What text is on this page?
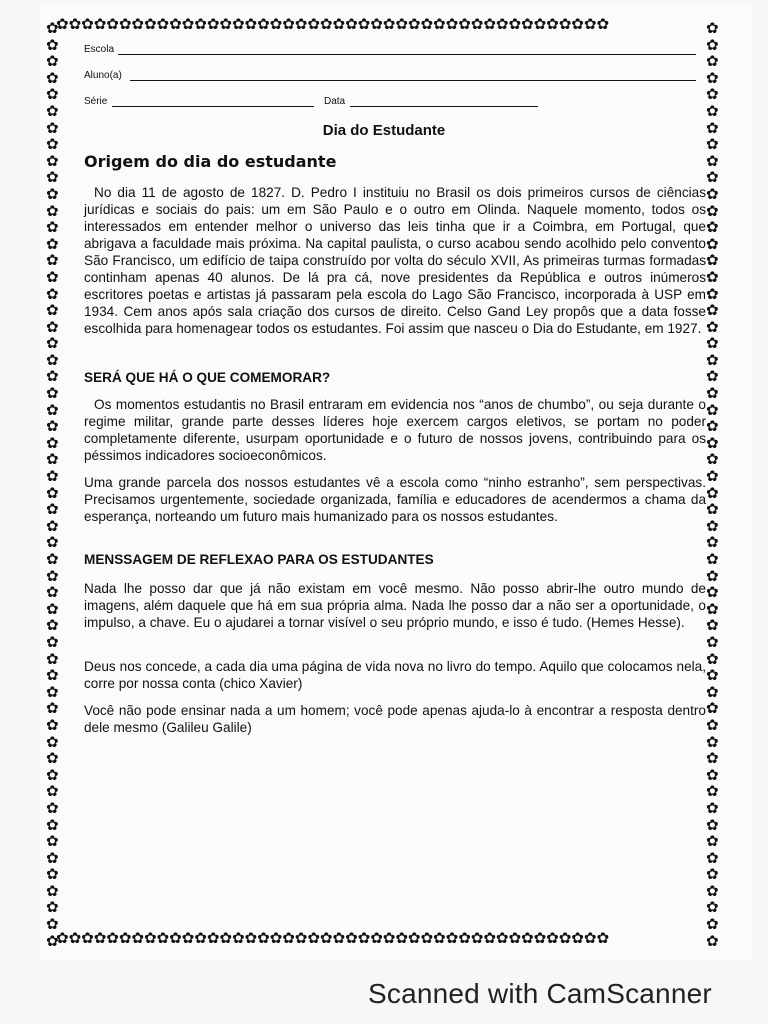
✿✿✿✿✿✿✿✿✿✿✿✿✿✿✿✿✿✿✿✿✿✿✿✿✿✿✿✿✿✿✿✿✿✿✿✿✿✿✿✿✿✿✿✿
✿✿✿✿✿✿✿✿✿✿✿✿✿✿✿✿✿✿✿✿✿✿✿✿✿✿✿✿✿✿✿✿✿✿✿✿✿✿✿✿✿✿✿✿
✿✿✿✿✿✿✿✿✿✿✿✿✿✿✿✿✿✿✿✿✿✿✿✿✿✿✿✿✿✿✿✿✿✿✿✿✿✿✿✿✿✿✿✿✿✿✿✿✿✿✿✿✿✿✿✿
✿✿✿✿✿✿✿✿✿✿✿✿✿✿✿✿✿✿✿✿✿✿✿✿✿✿✿✿✿✿✿✿✿✿✿✿✿✿✿✿✿✿✿✿✿✿✿✿✿✿✿✿✿✿✿✿
Escola
Aluno(a)
Série	Data
Dia do Estudante
Origem do dia do estudante
No dia 11 de agosto de 1827. D. Pedro I instituiu no Brasil os dois primeiros cursos de ciências jurídicas e sociais do pais: um em São Paulo e o outro em Olinda. Naquele momento, todos os interessados em entender melhor o universo das leis tinha que ir a Coimbra, em Portugal, que abrigava a faculdade mais próxima. Na capital paulista, o curso acabou sendo acolhido pelo convento São Francisco, um edifício de taipa construído por volta do século XVII, As primeiras turmas formadas continham apenas 40 alunos. De lá pra cá, nove presidentes da República e outros inúmeros escritores poetas e artistas já passaram pela escola do Lago São Francisco, incorporada à USP em 1934. Cem anos após sala criação dos cursos de direito. Celso Gand Ley propôs que a data fosse escolhida para homenagear todos os estudantes. Foi assim que nasceu o Dia do Estudante, em 1927.
SERÁ QUE HÁ O QUE COMEMORAR?
Os momentos estudantis no Brasil entraram em evidencia nos “anos de chumbo”, ou seja durante o regime militar, grande parte desses líderes hoje exercem cargos eletivos, se portam no poder completamente diferente, usurpam oportunidade e o futuro de nossos jovens, contribuindo para os péssimos indicadores socioeconômicos.
Uma grande parcela dos nossos estudantes vê a escola como “ninho estranho”, sem perspectivas. Precisamos urgentemente, sociedade organizada, família e educadores de acendermos a chama da esperança, norteando um futuro mais humanizado para os nossos estudantes.
MENSSAGEM DE REFLEXAO PARA OS ESTUDANTES
Nada lhe posso dar que já não existam em você mesmo. Não posso abrir-lhe outro mundo de imagens, além daquele que há em sua própria alma. Nada lhe posso dar a não ser a oportunidade, o impulso, a chave. Eu o ajudarei a tornar visível o seu próprio mundo, e isso é tudo. (Hemes Hesse).
Deus nos concede, a cada dia uma página de vida nova no livro do tempo. Aquilo que colocamos nela, corre por nossa conta (chico Xavier)
Você não pode ensinar nada a um homem; você pode apenas ajuda-lo à encontrar a resposta dentro dele mesmo (Galileu Galile)
Scanned with CamScanner
